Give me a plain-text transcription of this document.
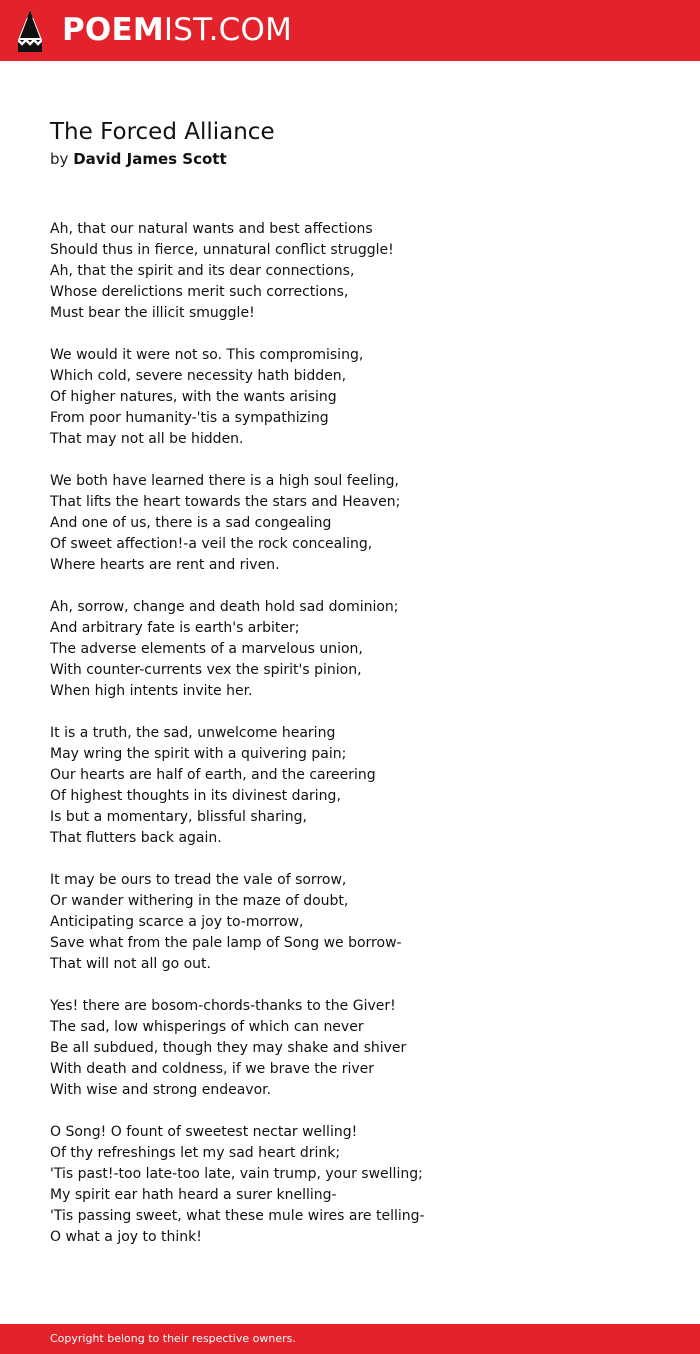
POEMIST.COM
The Forced Alliance
by David James Scott
Ah, that our natural wants and best affections
Should thus in fierce, unnatural conflict struggle!
Ah, that the spirit and its dear connections,
Whose derelictions merit such corrections,
Must bear the illicit smuggle!
We would it were not so. This compromising,
Which cold, severe necessity hath bidden,
Of higher natures, with the wants arising
From poor humanity-'tis a sympathizing
That may not all be hidden.
We both have learned there is a high soul feeling,
That lifts the heart towards the stars and Heaven;
And one of us, there is a sad congealing
Of sweet affection!-a veil the rock concealing,
Where hearts are rent and riven.
Ah, sorrow, change and death hold sad dominion;
And arbitrary fate is earth's arbiter;
The adverse elements of a marvelous union,
With counter-currents vex the spirit's pinion,
When high intents invite her.
It is a truth, the sad, unwelcome hearing
May wring the spirit with a quivering pain;
Our hearts are half of earth, and the careering
Of highest thoughts in its divinest daring,
Is but a momentary, blissful sharing,
That flutters back again.
It may be ours to tread the vale of sorrow,
Or wander withering in the maze of doubt,
Anticipating scarce a joy to-morrow,
Save what from the pale lamp of Song we borrow-
That will not all go out.
Yes! there are bosom-chords-thanks to the Giver!
The sad, low whisperings of which can never
Be all subdued, though they may shake and shiver
With death and coldness, if we brave the river
With wise and strong endeavor.
O Song! O fount of sweetest nectar welling!
Of thy refreshings let my sad heart drink;
'Tis past!-too late-too late, vain trump, your swelling;
My spirit ear hath heard a surer knelling-
'Tis passing sweet, what these mule wires are telling-
O what a joy to think!
Copyright belong to their respective owners.
